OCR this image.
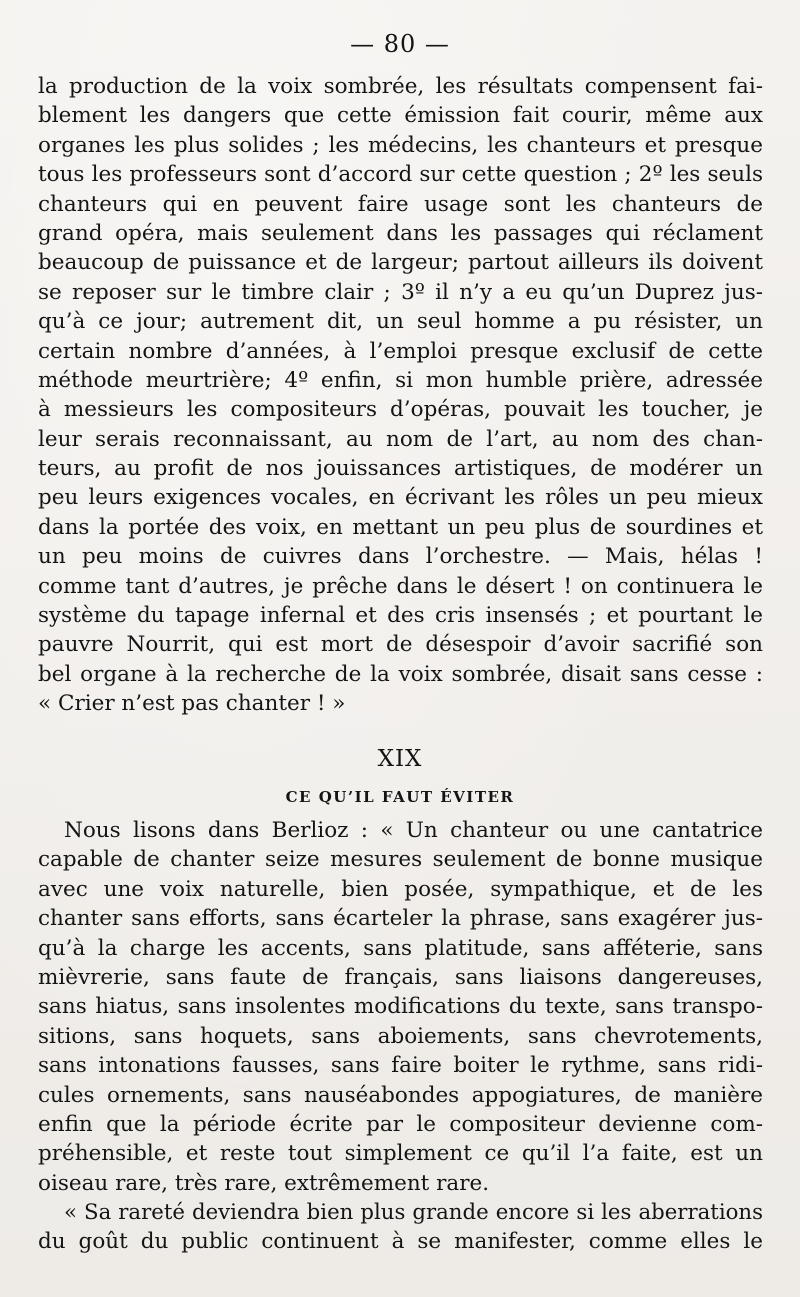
— 80 —
la production de la voix sombrée, les résultats compensent fai-
blement les dangers que cette émission fait courir, même aux
organes les plus solides ; les médecins, les chanteurs et presque
tous les professeurs sont d’accord sur cette question ; 2º les seuls
chanteurs qui en peuvent faire usage sont les chanteurs de
grand opéra, mais seulement dans les passages qui réclament
beaucoup de puissance et de largeur; partout ailleurs ils doivent
se reposer sur le timbre clair ; 3º il n’y a eu qu’un Duprez jus-
qu’à ce jour; autrement dit, un seul homme a pu résister, un
certain nombre d’années, à l’emploi presque exclusif de cette
méthode meurtrière; 4º enfin, si mon humble prière, adressée
à messieurs les compositeurs d’opéras, pouvait les toucher, je
leur serais reconnaissant, au nom de l’art, au nom des chan-
teurs, au profit de nos jouissances artistiques, de modérer un
peu leurs exigences vocales, en écrivant les rôles un peu mieux
dans la portée des voix, en mettant un peu plus de sourdines et
un peu moins de cuivres dans l’orchestre. — Mais, hélas !
comme tant d’autres, je prêche dans le désert ! on continuera le
système du tapage infernal et des cris insensés ; et pourtant le
pauvre Nourrit, qui est mort de désespoir d’avoir sacrifié son
bel organe à la recherche de la voix sombrée, disait sans cesse :
« Crier n’est pas chanter ! »
XIX
CE QU’IL FAUT ÉVITER
Nous lisons dans Berlioz : « Un chanteur ou une cantatrice
capable de chanter seize mesures seulement de bonne musique
avec une voix naturelle, bien posée, sympathique, et de les
chanter sans efforts, sans écarteler la phrase, sans exagérer jus-
qu’à la charge les accents, sans platitude, sans afféterie, sans
mièvrerie, sans faute de français, sans liaisons dangereuses,
sans hiatus, sans insolentes modifications du texte, sans transpo-
sitions, sans hoquets, sans aboiements, sans chevrotements,
sans intonations fausses, sans faire boiter le rythme, sans ridi-
cules ornements, sans nauséabondes appogiatures, de manière
enfin que la période écrite par le compositeur devienne com-
préhensible, et reste tout simplement ce qu’il l’a faite, est un
oiseau rare, très rare, extrêmement rare.
« Sa rareté deviendra bien plus grande encore si les aberrations
du goût du public continuent à se manifester, comme elles le
